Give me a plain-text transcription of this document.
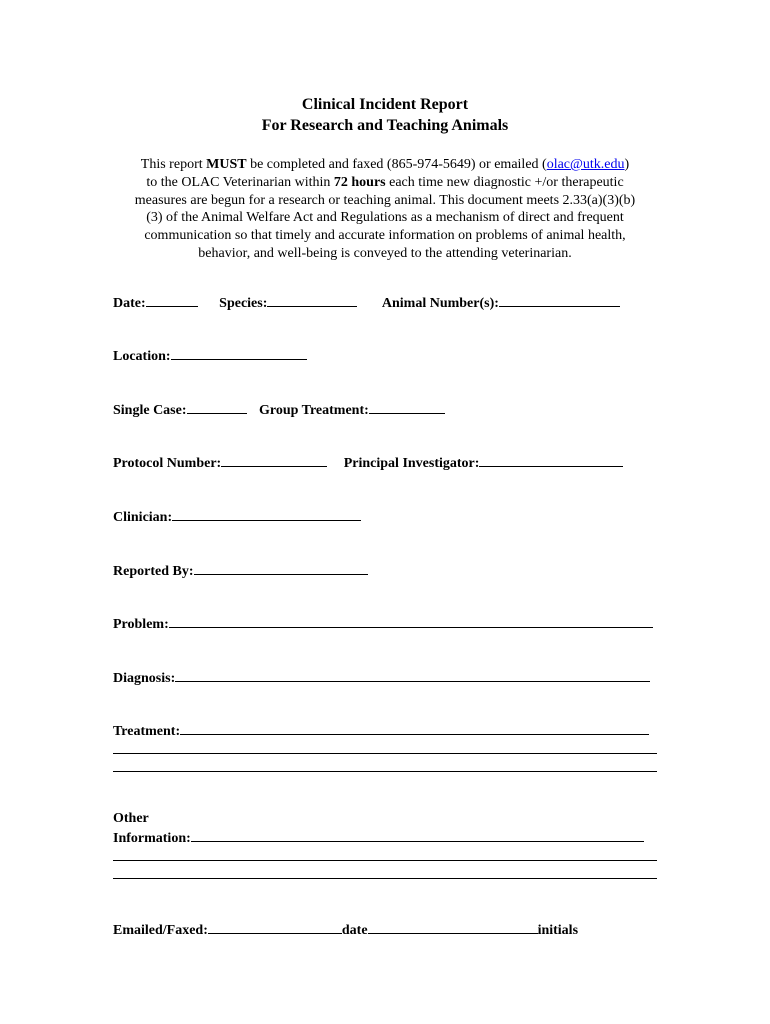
Clinical Incident Report
For Research and Teaching Animals
This report MUST be completed and faxed (865-974-5649) or emailed (olac@utk.edu)
to the OLAC Veterinarian within 72 hours each time new diagnostic +/or therapeutic
measures are begun for a research or teaching animal. This document meets 2.33(a)(3)(b)
(3) of the Animal Welfare Act and Regulations as a mechanism of direct and frequent
communication so that timely and accurate information on problems of animal health,
behavior, and well-being is conveyed to the attending veterinarian.
Date:	Species:	Animal Number(s):
Location:
Single Case:	Group Treatment:
Protocol Number:	Principal Investigator:
Clinician:
Reported By:
Problem:
Diagnosis:
Treatment:
Other
Information:
Emailed/Faxed:	date	initials
